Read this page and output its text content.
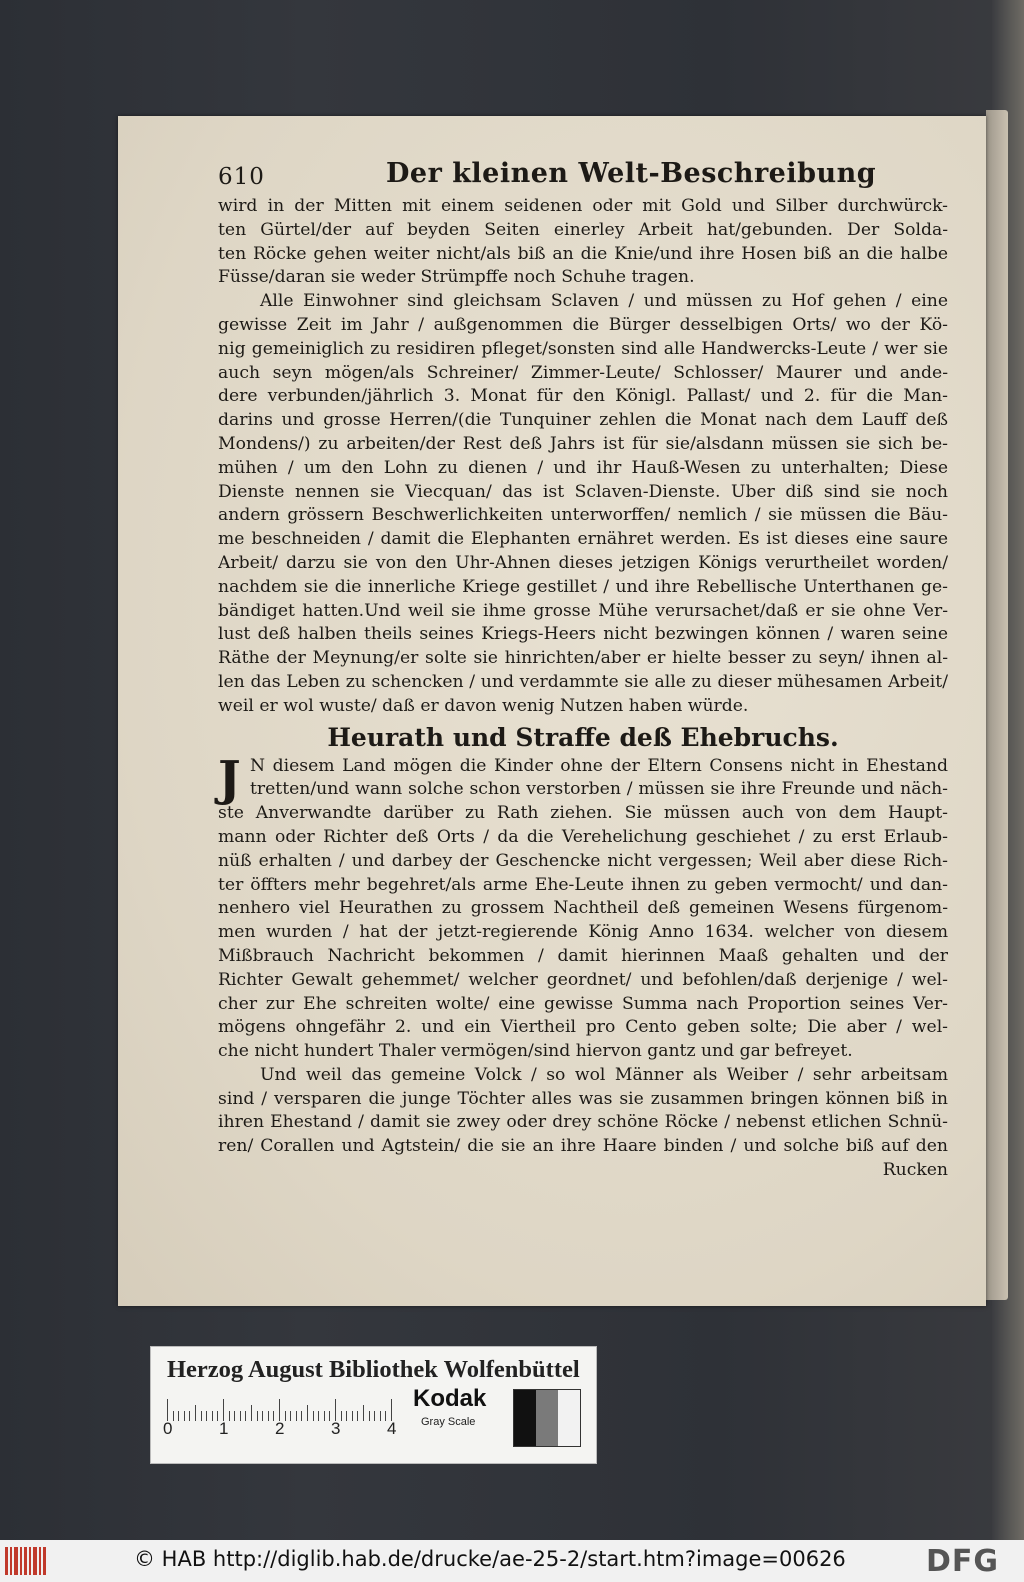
610	Der kleinen Welt-Beschreibung
wird in der Mitten mit einem seidenen oder mit Gold und Silber durchwürck-
ten Gürtel/der auf beyden Seiten einerley Arbeit hat/gebunden. Der Solda-
ten Röcke gehen weiter nicht/als biß an die Knie/und ihre Hosen biß an die halbe
Füsse/daran sie weder Strümpffe noch Schuhe tragen.
Alle Einwohner sind gleichsam Sclaven / und müssen zu Hof gehen / eine
gewisse Zeit im Jahr / außgenommen die Bürger desselbigen Orts/ wo der Kö-
nig gemeiniglich zu residiren pfleget/sonsten sind alle Handwercks-Leute / wer sie
auch seyn mögen/als Schreiner/ Zimmer-Leute/ Schlosser/ Maurer und ande-
dere verbunden/jährlich 3. Monat für den Königl. Pallast/ und 2. für die Man-
darins und grosse Herren/(die Tunquiner zehlen die Monat nach dem Lauff deß
Mondens/) zu arbeiten/der Rest deß Jahrs ist für sie/alsdann müssen sie sich be-
mühen / um den Lohn zu dienen / und ihr Hauß-Wesen zu unterhalten; Diese
Dienste nennen sie Viecquan/ das ist Sclaven-Dienste. Uber diß sind sie noch
andern grössern Beschwerlichkeiten unterworffen/ nemlich / sie müssen die Bäu-
me beschneiden / damit die Elephanten ernähret werden. Es ist dieses eine saure
Arbeit/ darzu sie von den Uhr-Ahnen dieses jetzigen Königs verurtheilet worden/
nachdem sie die innerliche Kriege gestillet / und ihre Rebellische Unterthanen ge-
bändiget hatten.Und weil sie ihme grosse Mühe verursachet/daß er sie ohne Ver-
lust deß halben theils seines Kriegs-Heers nicht bezwingen können / waren seine
Räthe der Meynung/er solte sie hinrichten/aber er hielte besser zu seyn/ ihnen al-
len das Leben zu schencken / und verdammte sie alle zu dieser mühesamen Arbeit/
weil er wol wuste/ daß er davon wenig Nutzen haben würde.
Heurath und Straffe deß Ehebruchs.
J N diesem Land mögen die Kinder ohne der Eltern Consens nicht in Ehestand
tretten/und wann solche schon verstorben / müssen sie ihre Freunde und näch-
ste Anverwandte darüber zu Rath ziehen. Sie müssen auch von dem Haupt-
mann oder Richter deß Orts / da die Verehelichung geschiehet / zu erst Erlaub-
nüß erhalten / und darbey der Geschencke nicht vergessen; Weil aber diese Rich-
ter öffters mehr begehret/als arme Ehe-Leute ihnen zu geben vermocht/ und dan-
nenhero viel Heurathen zu grossem Nachtheil deß gemeinen Wesens fürgenom-
men wurden / hat der jetzt-regierende König Anno 1634. welcher von diesem
Mißbrauch Nachricht bekommen / damit hierinnen Maaß gehalten und der
Richter Gewalt gehemmet/ welcher geordnet/ und befohlen/daß derjenige / wel-
cher zur Ehe schreiten wolte/ eine gewisse Summa nach Proportion seines Ver-
mögens ohngefähr 2. und ein Viertheil pro Cento geben solte; Die aber / wel-
che nicht hundert Thaler vermögen/sind hiervon gantz und gar befreyet.
Und weil das gemeine Volck / so wol Männer als Weiber / sehr arbeitsam
sind / versparen die junge Töchter alles was sie zusammen bringen können biß in
ihren Ehestand / damit sie zwey oder drey schöne Röcke / nebenst etlichen Schnü-
ren/ Corallen und Agtstein/ die sie an ihre Haare binden / und solche biß auf den
Rucken
Herzog August Bibliothek Wolfenbüttel
0	1	2	3	4
Kodak
Gray Scale
© HAB http://diglib.hab.de/drucke/ae-25-2/start.htm?image=00626	DFG
